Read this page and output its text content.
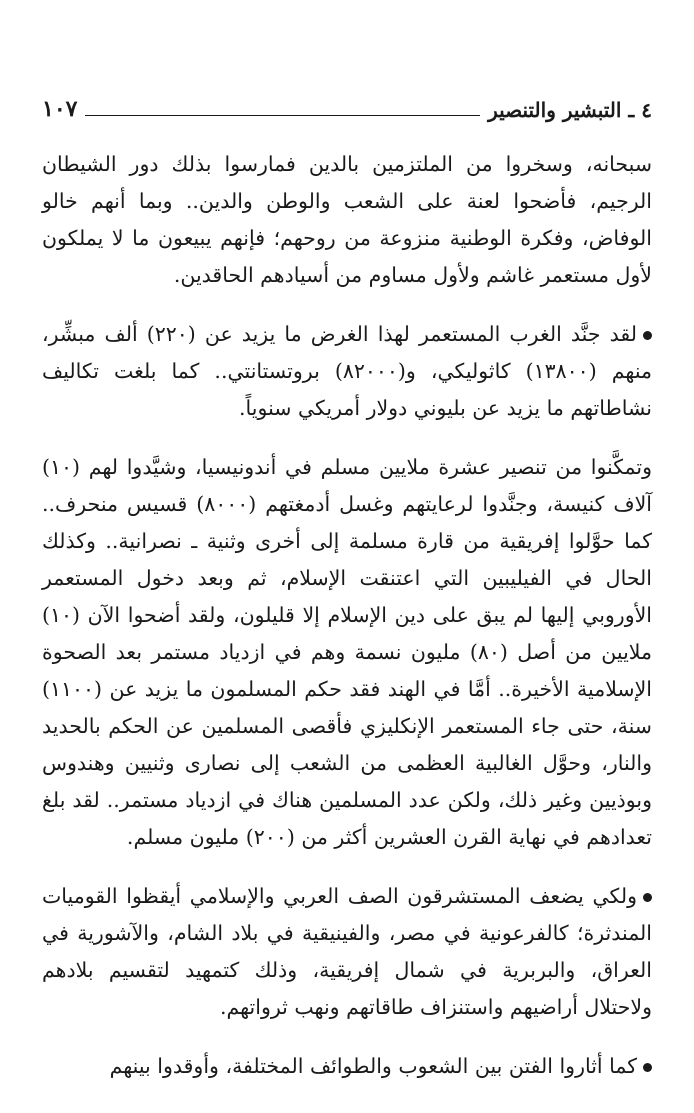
٤ ـ التبشير والتنصير
١٠٧

سبحانه، وسخروا من الملتزمين بالدين فمارسوا بذلك دور الشيطان الرجيم، فأضحوا لعنة على الشعب والوطن والدين.. وبما أنهم خالو الوفاض، وفكرة الوطنية منزوعة من روحهم؛ فإنهم يبيعون ما لا يملكون لأول مستعمر غاشم ولأول مساوم من أسيادهم الحاقدين.

لقد جنَّد الغرب المستعمر لهذا الغرض ما يزيد عن (٢٢٠) ألف مبشِّر، منهم (١٣٨٠٠) كاثوليكي، و(٨٢٠٠٠) بروتستانتي.. كما بلغت تكاليف نشاطاتهم ما يزيد عن بليوني دولار أمريكي سنوياً.

وتمكَّنوا من تنصير عشرة ملايين مسلم في أندونيسيا، وشيَّدوا لهم (١٠) آلاف كنيسة، وجنَّدوا لرعايتهم وغسل أدمغتهم (٨٠٠٠) قسيس منحرف.. كما حوَّلوا إفريقية من قارة مسلمة إلى أخرى وثنية ـ نصرانية.. وكذلك الحال في الفيليبين التي اعتنقت الإسلام، ثم وبعد دخول المستعمر الأوروبي إليها لم يبق على دين الإسلام إلا قليلون، ولقد أضحوا الآن (١٠) ملايين من أصل (٨٠) مليون نسمة وهم في ازدياد مستمر بعد الصحوة الإسلامية الأخيرة.. أمَّا في الهند فقد حكم المسلمون ما يزيد عن (١١٠٠) سنة، حتى جاء المستعمر الإنكليزي فأقصى المسلمين عن الحكم بالحديد والنار، وحوَّل الغالبية العظمى من الشعب إلى نصارى وثنيين وهندوس وبوذيين وغير ذلك، ولكن عدد المسلمين هناك في ازدياد مستمر.. لقد بلغ تعدادهم في نهاية القرن العشرين أكثر من (٢٠٠) مليون مسلم.

ولكي يضعف المستشرقون الصف العربي والإسلامي أيقظوا القوميات المندثرة؛ كالفرعونية في مصر، والفينيقية في بلاد الشام، والآشورية في العراق، والبربرية في شمال إفريقية، وذلك كتمهيد لتقسيم بلادهم ولاحتلال أراضيهم واستنزاف طاقاتهم ونهب ثرواتهم.

كما أثاروا الفتن بين الشعوب والطوائف المختلفة، وأوقدوا بينهم
